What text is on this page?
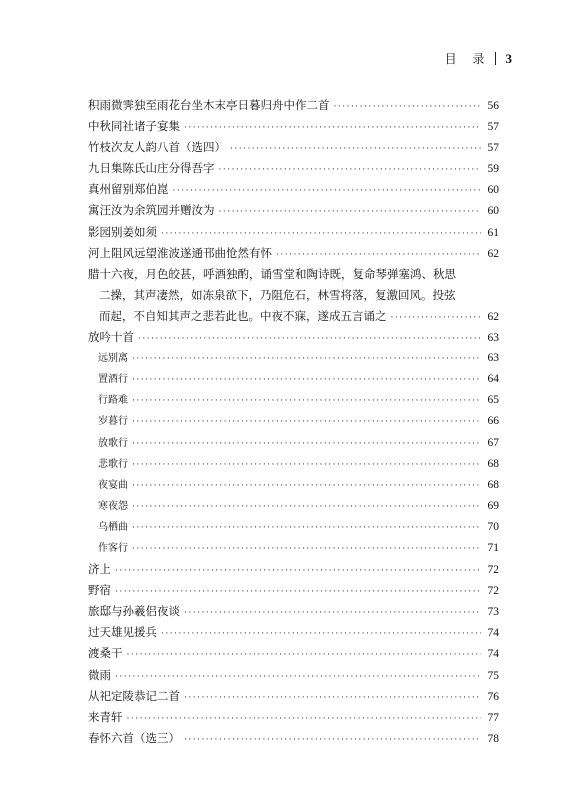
目 录 3
积雨微霁独至雨花台坐木末亭日暮归舟中作二首 ·····	56
中秋同社诸子宴集 ·····	57
竹枝次友人韵八首（选四） ·····	57
九日集陈氏山庄分得吾字 ·····	59
真州留别郑伯崑 ·····	60
寓汪汝为余筑园并赠汝为 ·····	60
影园别姜如须 ·····	61
河上阻风远望淮波遂通邗曲怆然有怀 ·····	62
腊十六夜，月色皎甚，呼酒独酌，诵雪堂和陶诗既，复命琴弹塞鸿、秋思
二操，其声凄然，如冻泉欲下，乃阻危石，林雪将落，复激回风。投弦
而起，不自知其声之悲若此也。中夜不寐，遂成五言诵之 ·····	62
放吟十首 ·····	63
远别离 ·····	63
置酒行 ·····	64
行路难 ·····	65
岁暮行 ·····	66
放歌行 ·····	67
悲歌行 ·····	68
夜宴曲 ·····	68
寒夜怨 ·····	69
乌栖曲 ·····	70
作客行 ·····	71
济上 ·····	72
野宿 ·····	72
旅邸与孙羲侣夜谈 ·····	73
过天雄见援兵 ·····	74
渡桑干 ·····	74
微雨 ·····	75
从祀定陵恭记二首 ·····	76
来青轩 ·····	77
春怀六首（选三） ·····	78
